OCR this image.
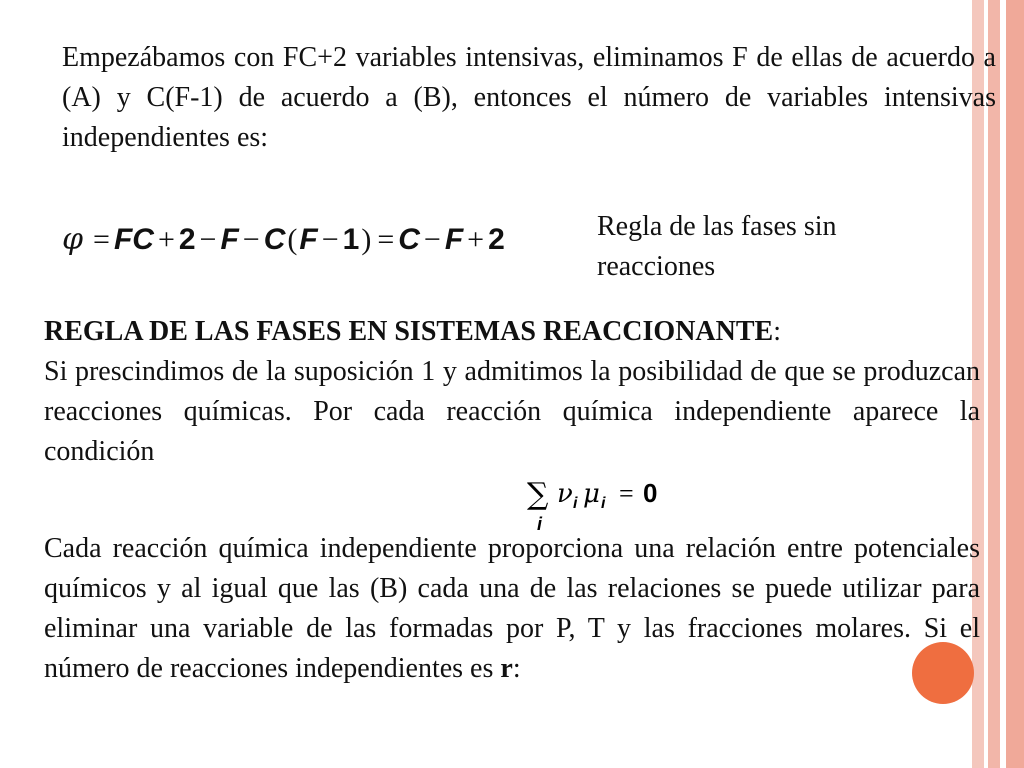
Empezábamos con FC+2 variables intensivas, eliminamos F de ellas de acuerdo a (A) y C(F-1) de acuerdo a (B), entonces el número de variables intensivas independientes es:
φ = FC + 2 − F − C(F − 1) = C − F + 2	Regla de las fases sin reacciones
REGLA DE LAS FASES EN SISTEMAS REACCIONANTE:
Si prescindimos de la suposición 1 y admitimos la posibilidad de que se produzcan reacciones químicas. Por cada reacción química independiente aparece la condición
∑
i
ν i μ i = 0
Cada reacción química independiente proporciona una relación entre potenciales químicos y al igual que las (B) cada una de las relaciones se puede utilizar para eliminar una variable de las formadas por P, T y las fracciones molares. Si el número de reacciones independientes es r:
